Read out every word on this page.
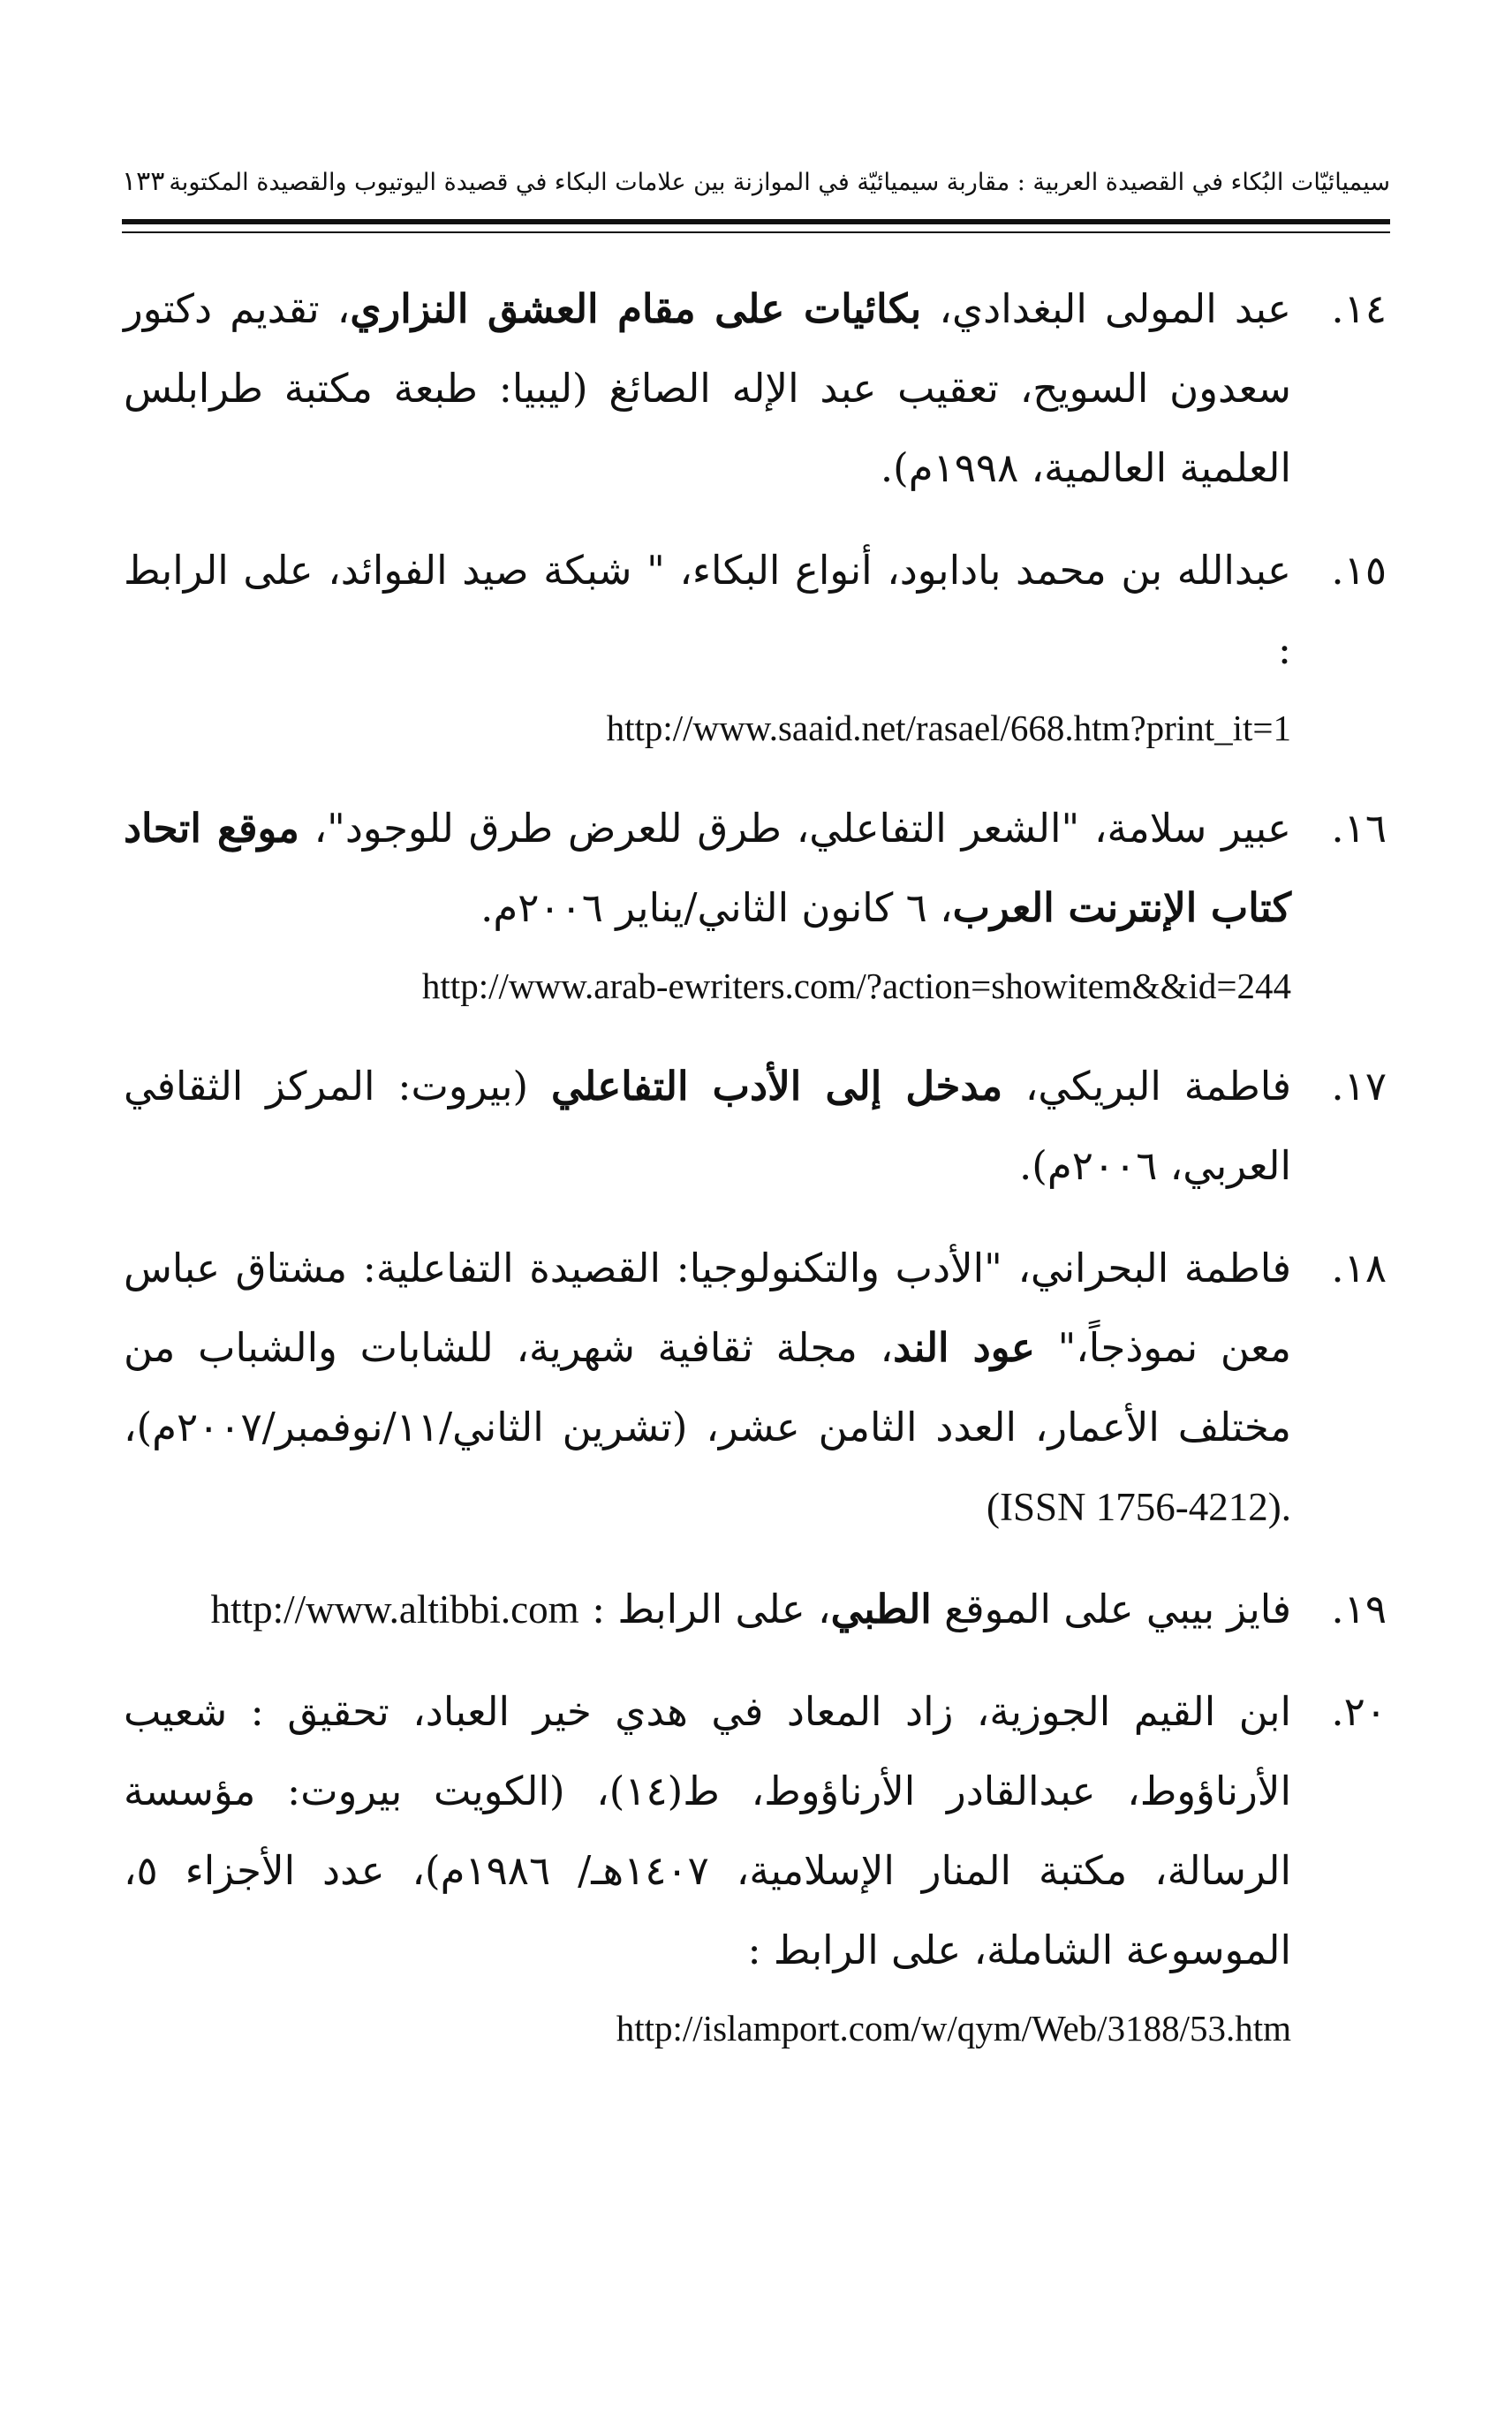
سيميائيّات البُكاء في القصيدة العربية : مقاربة سيميائيّة في الموازنة بين علامات البكاء في قصيدة اليوتيوب والقصيدة المكتوبة
١٣٣
١٤.
عبد المولى البغدادي، بكائيات على مقام العشق النزاري، تقديم دكتور سعدون السويح، تعقيب عبد الإله الصائغ (ليبيا: طبعة مكتبة طرابلس العلمية العالمية، ١٩٩٨م).
١٥.
عبدالله بن محمد بادابود، أنواع البكاء، " شبكة صيد الفوائد، على الرابط :
http://www.saaid.net/rasael/668.htm?print_it=1
١٦.
عبير سلامة، "الشعر التفاعلي، طرق للعرض طرق للوجود"، موقع اتحاد كتاب الإنترنت العرب، ٦ كانون الثاني/يناير ٢٠٠٦م.
http://www.arab-ewriters.com/?action=showitem&&id=244
١٧.
فاطمة البريكي، مدخل إلى الأدب التفاعلي (بيروت: المركز الثقافي العربي، ٢٠٠٦م).
١٨.
فاطمة البحراني، "الأدب والتكنولوجيا: القصيدة التفاعلية: مشتاق عباس معن نموذجاً،" عود الند، مجلة ثقافية شهرية، للشابات والشباب من مختلف الأعمار، العدد الثامن عشر، (تشرين الثاني/١١/نوفمبر/٢٠٠٧م)، (ISSN 1756-4212).
١٩.
فايز بيبي على الموقع الطبي، على الرابط : http://www.altibbi.com
٢٠.
ابن القيم الجوزية، زاد المعاد في هدي خير العباد، تحقيق : شعيب الأرناؤوط، عبدالقادر الأرناؤوط، ط(١٤)، (الكويت بيروت: مؤسسة الرسالة، مكتبة المنار الإسلامية، ١٤٠٧هـ/ ١٩٨٦م)، عدد الأجزاء ٥، الموسوعة الشاملة، على الرابط :
http://islamport.com/w/qym/Web/3188/53.htm
